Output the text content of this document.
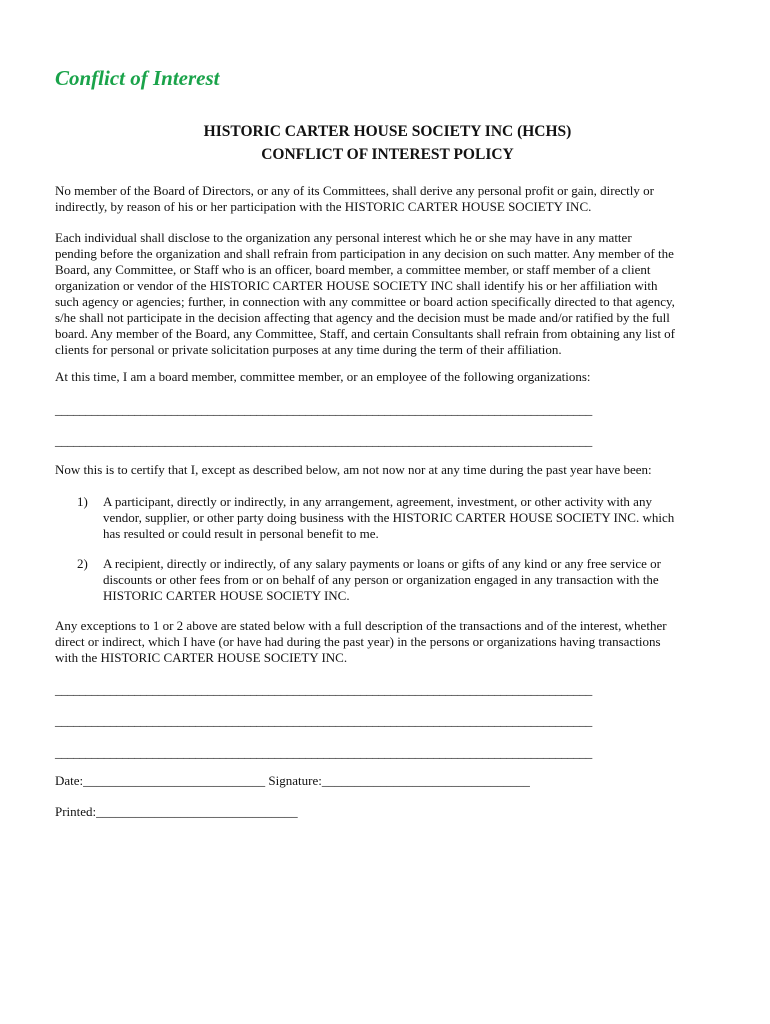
Conflict of Interest
HISTORIC CARTER HOUSE SOCIETY INC (HCHS)
CONFLICT OF INTEREST POLICY
No member of the Board of Directors, or any of its Committees, shall derive any personal profit or gain, directly or
indirectly, by reason of his or her participation with the HISTORIC CARTER HOUSE SOCIETY INC.
Each individual shall disclose to the organization any personal interest which he or she may have in any matter
pending before the organization and shall refrain from participation in any decision on such matter. Any member of the
Board, any Committee, or Staff who is an officer, board member, a committee member, or staff member of a client
organization or vendor of the HISTORIC CARTER HOUSE SOCIETY INC shall identify his or her affiliation with
such agency or agencies; further, in connection with any committee or board action specifically directed to that agency,
s/he shall not participate in the decision affecting that agency and the decision must be made and/or ratified by the full
board. Any member of the Board, any Committee, Staff, and certain Consultants shall refrain from obtaining any list of
clients for personal or private solicitation purposes at any time during the term of their affiliation.
At this time, I am a board member, committee member, or an employee of the following organizations:
________________________________________________________________________________________
________________________________________________________________________________________
Now this is to certify that I, except as described below, am not now nor at any time during the past year have been:
1) A participant, directly or indirectly, in any arrangement, agreement, investment, or other activity with any
vendor, supplier, or other party doing business with the HISTORIC CARTER HOUSE SOCIETY INC. which
has resulted or could result in personal benefit to me.
2) A recipient, directly or indirectly, of any salary payments or loans or gifts of any kind or any free service or
discounts or other fees from or on behalf of any person or organization engaged in any transaction with the
HISTORIC CARTER HOUSE SOCIETY INC.
Any exceptions to 1 or 2 above are stated below with a full description of the transactions and of the interest, whether
direct or indirect, which I have (or have had during the past year) in the persons or organizations having transactions
with the HISTORIC CARTER HOUSE SOCIETY INC.
________________________________________________________________________________________
________________________________________________________________________________________
________________________________________________________________________________________
Date:____________________________ Signature:________________________________
Printed:_______________________________
